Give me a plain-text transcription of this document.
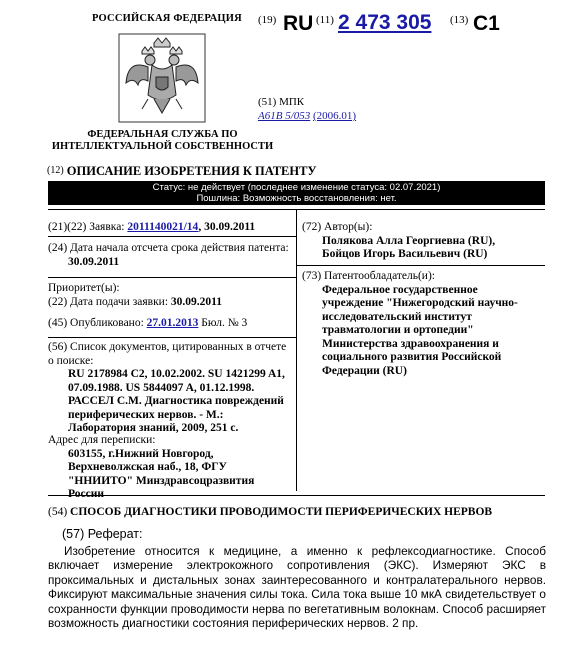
РОССИЙСКАЯ ФЕДЕРАЦИЯ
ФЕДЕРАЛЬНАЯ СЛУЖБА ПО ИНТЕЛЛЕКТУАЛЬНОЙ СОБСТВЕННОСТИ
(19) RU (11) 2 473 305 (13) C1
(51) МПК
A61B 5/053 (2006.01)
(12) ОПИСАНИЕ ИЗОБРЕТЕНИЯ К ПАТЕНТУ
Статус: не действует (последнее изменение статуса: 02.07.2021)
Пошлина: Возможность восстановления: нет.
(21)(22) Заявка: 2011140021/14, 30.09.2011
(24) Дата начала отсчета срока действия патента:
30.09.2011
Приоритет(ы):
(22) Дата подачи заявки: 30.09.2011
(45) Опубликовано: 27.01.2013 Бюл. № 3
(56) Список документов, цитированных в отчете о поиске:
RU 2178984 C2, 10.02.2002. SU 1421299 A1, 07.09.1988. US 5844097 A, 01.12.1998. РАССЕЛ С.М. Диагностика повреждений периферических нервов. - М.: Лаборатория знаний, 2009, 251 с.
Адрес для переписки:
603155, г.Нижний Новгород, Верхневолжская наб., 18, ФГУ "ННИИТО" Минздравсоцразвития России
(72) Автор(ы):
Полякова Алла Георгиевна (RU),
Бойцов Игорь Васильевич (RU)
(73) Патентообладатель(и):
Федеральное государственное учреждение "Нижегородский научно-исследовательский институт травматологии и ортопедии" Министерства здравоохранения и социального развития Российской Федерации (RU)
(54) СПОСОБ ДИАГНОСТИКИ ПРОВОДИМОСТИ ПЕРИФЕРИЧЕСКИХ НЕРВОВ
(57) Реферат:
Изобретение относится к медицине, а именно к рефлексодиагностике. Способ включает измерение электрокожного сопротивления (ЭКС). Измеряют ЭКС в проксимальных и дистальных зонах заинтересованного и контралатерального нервов. Фиксируют максимальные значения силы тока. Сила тока выше 10 мкА свидетельствует о сохранности функции проводимости нерва по вегетативным волокнам. Способ расширяет возможность диагностики состояния периферических нервов. 2 пр.
